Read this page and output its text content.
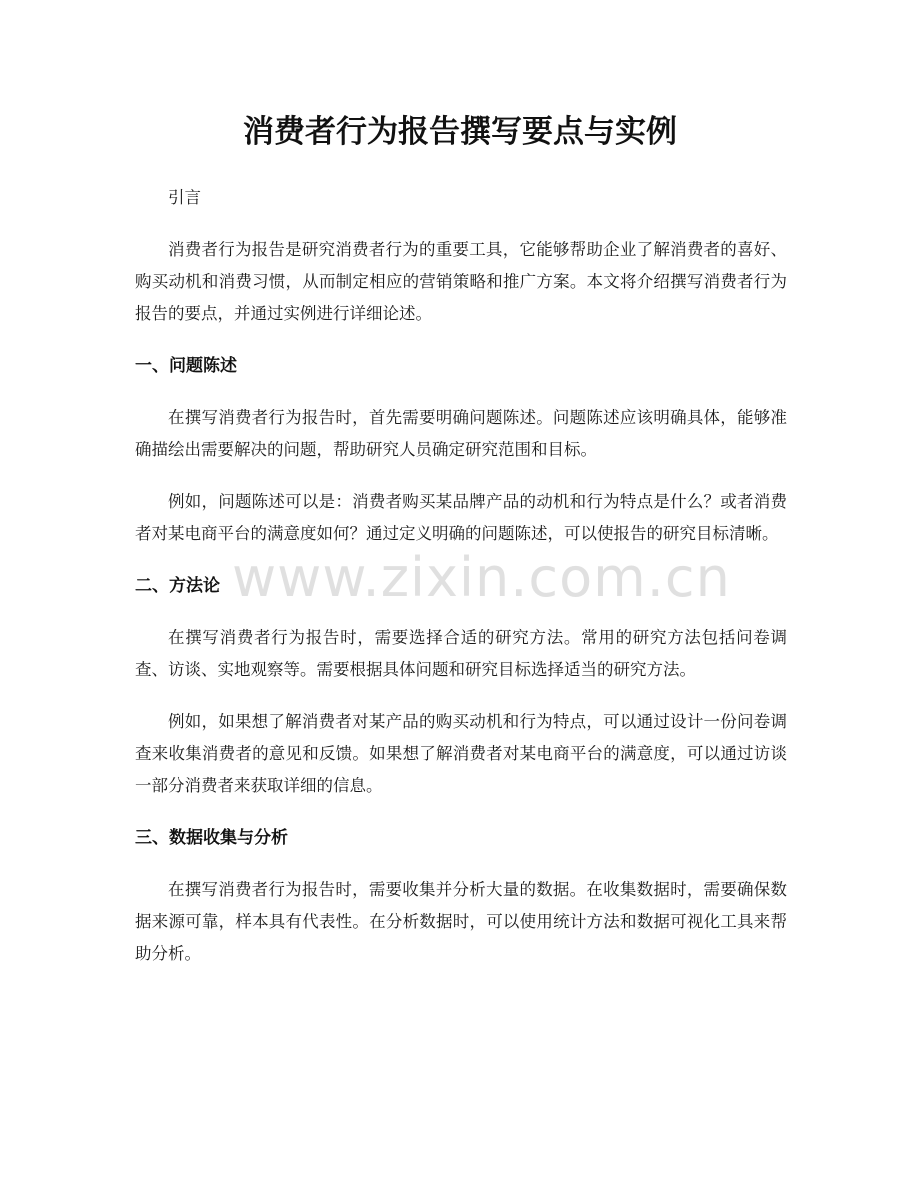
消费者行为报告撰写要点与实例

引言

消费者行为报告是研究消费者行为的重要工具，它能够帮助企业了解消费者的喜好、购买动机和消费习惯，从而制定相应的营销策略和推广方案。本文将介绍撰写消费者行为报告的要点，并通过实例进行详细论述。

一、问题陈述

在撰写消费者行为报告时，首先需要明确问题陈述。问题陈述应该明确具体，能够准确描绘出需要解决的问题，帮助研究人员确定研究范围和目标。

例如，问题陈述可以是：消费者购买某品牌产品的动机和行为特点是什么？或者消费者对某电商平台的满意度如何？通过定义明确的问题陈述，可以使报告的研究目标清晰。

二、方法论

在撰写消费者行为报告时，需要选择合适的研究方法。常用的研究方法包括问卷调查、访谈、实地观察等。需要根据具体问题和研究目标选择适当的研究方法。

例如，如果想了解消费者对某产品的购买动机和行为特点，可以通过设计一份问卷调查来收集消费者的意见和反馈。如果想了解消费者对某电商平台的满意度，可以通过访谈一部分消费者来获取详细的信息。

三、数据收集与分析

在撰写消费者行为报告时，需要收集并分析大量的数据。在收集数据时，需要确保数据来源可靠，样本具有代表性。在分析数据时，可以使用统计方法和数据可视化工具来帮助分析。

www.zixin.com.cn
